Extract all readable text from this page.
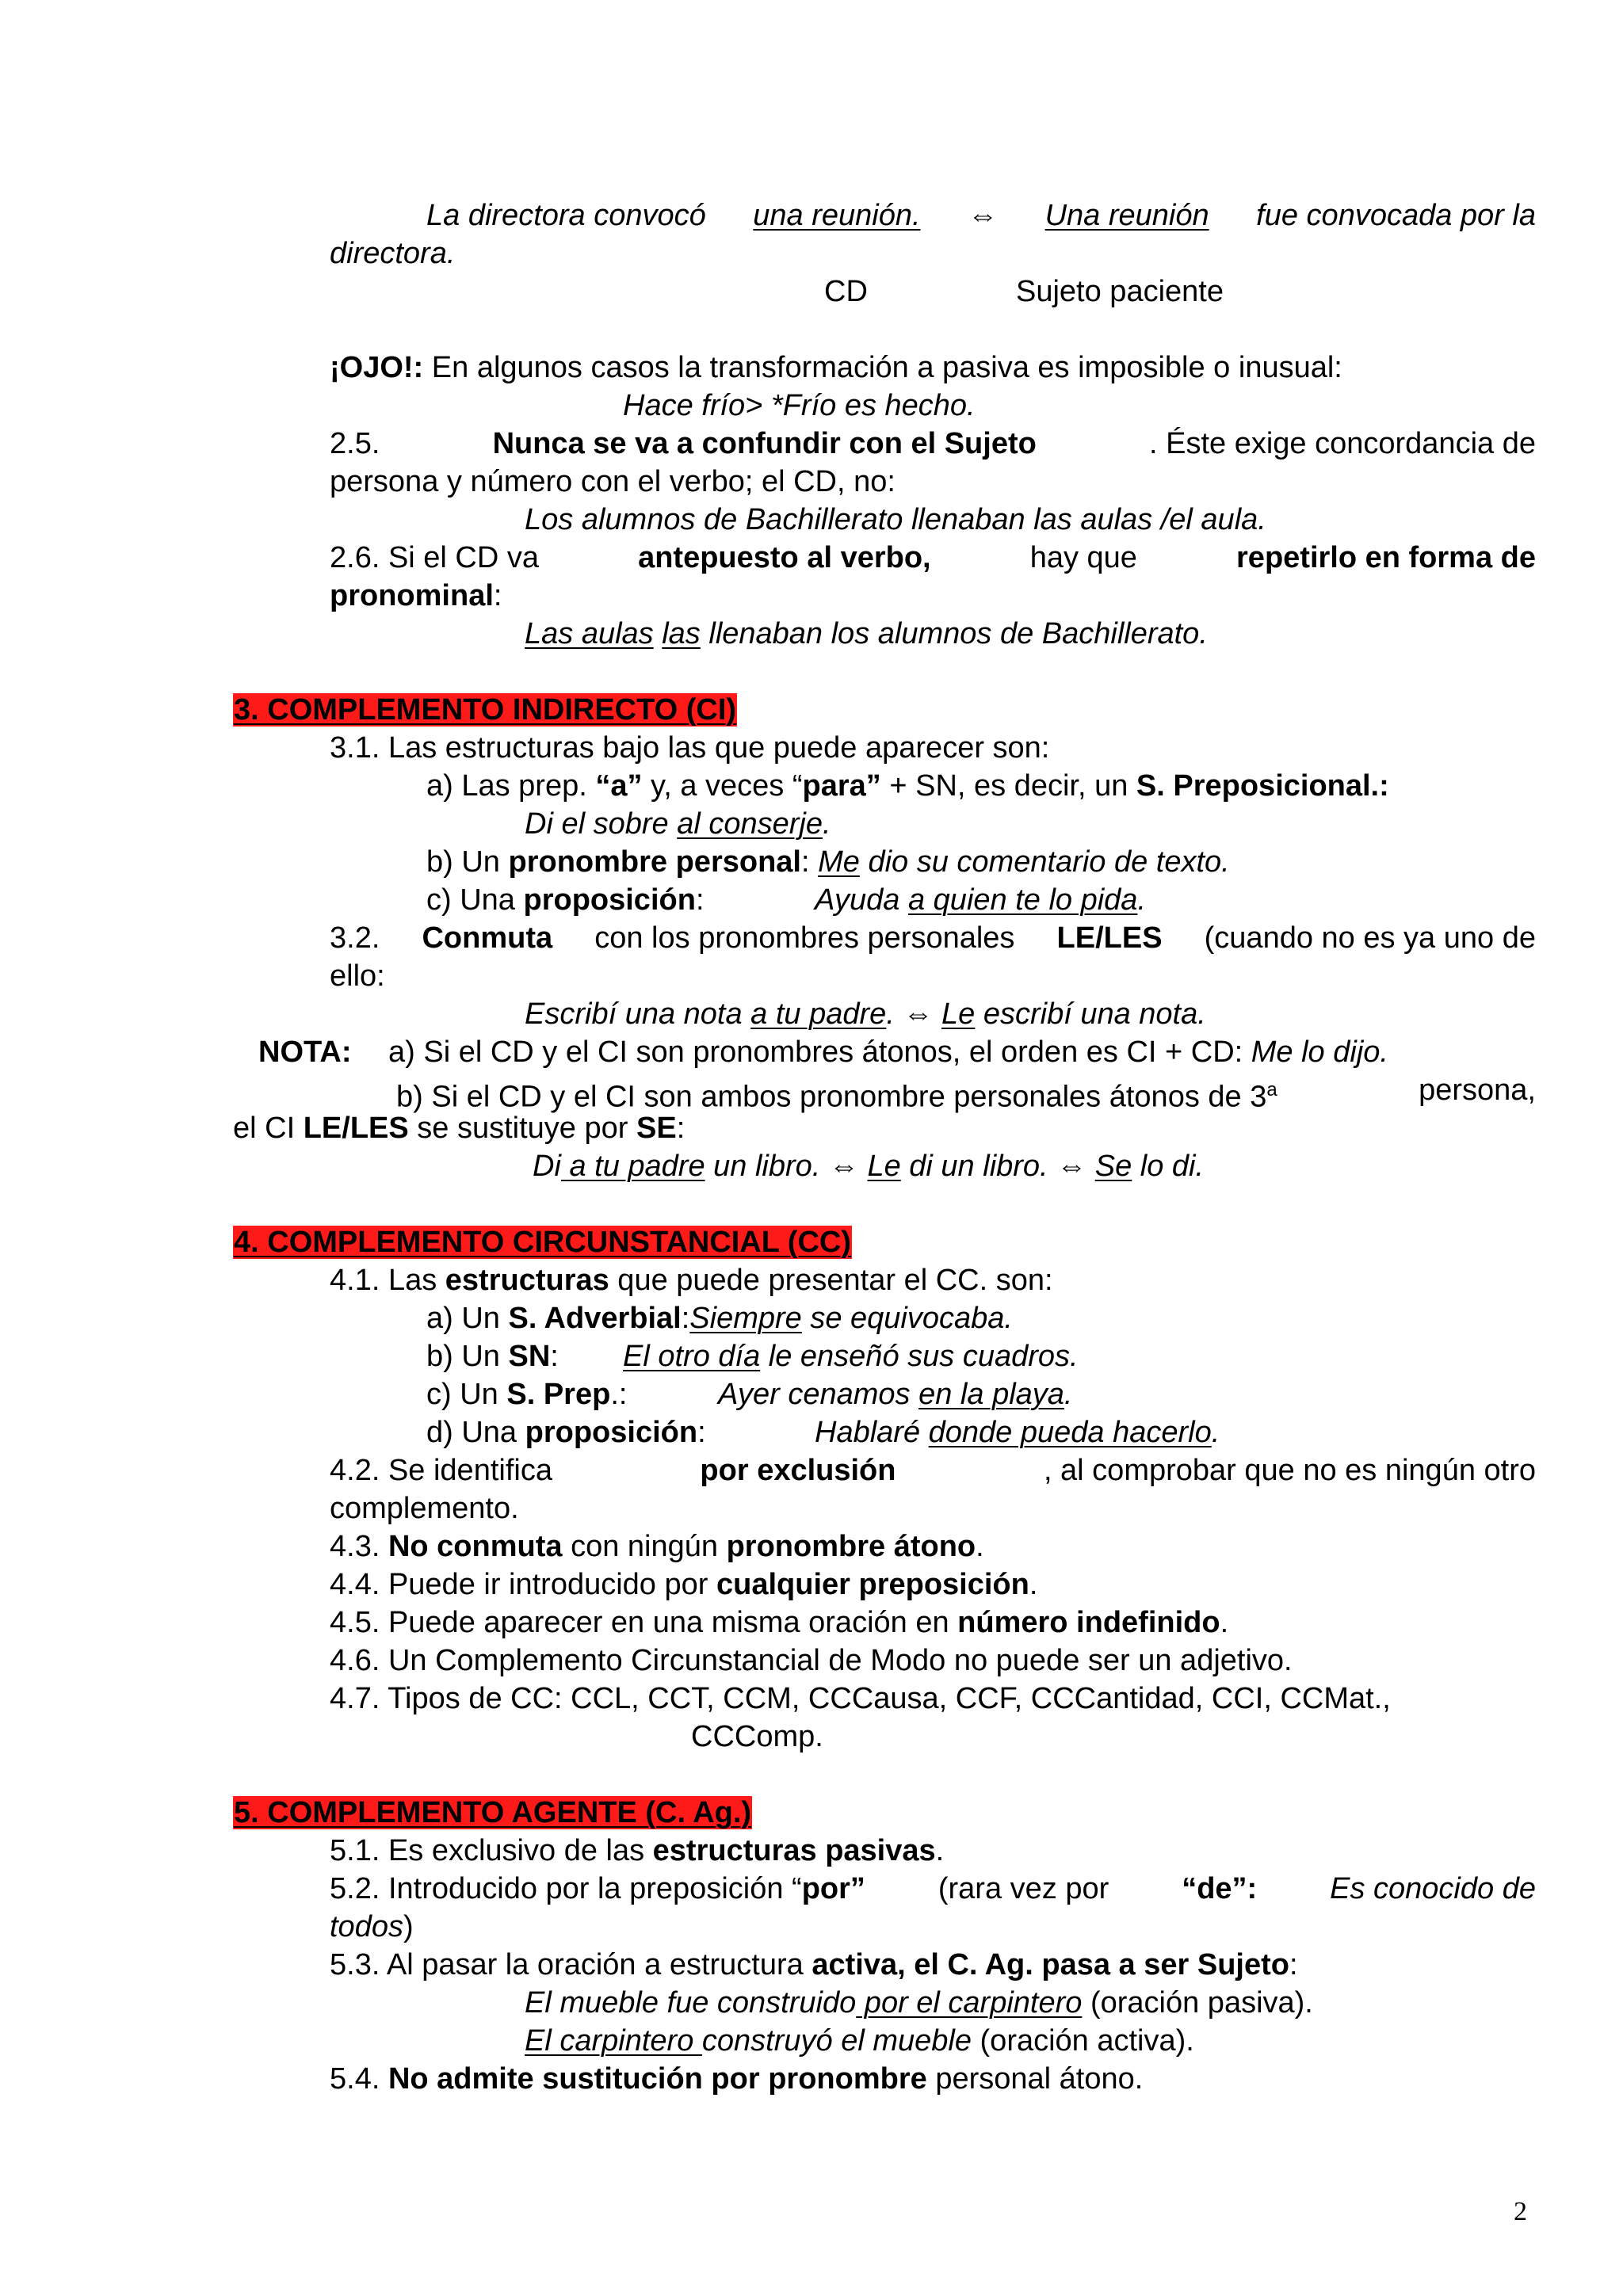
La directora convocó una reunión. ⇔ Una reunión fue convocada por la
directora.
CD	Sujeto paciente
¡OJO!: En algunos casos la transformación a pasiva es imposible o inusual:
Hace frío> *Frío es hecho.
2.5.	Nunca se va a confundir con el Sujeto	. Éste exige concordancia de
persona y número con el verbo; el CD, no:
Los alumnos de Bachillerato llenaban las aulas /el aula.
2.6. Si el CD va	antepuesto al verbo,	hay que	repetirlo en forma de
pronominal:
Las aulas las llenaban los alumnos de Bachillerato.
3. COMPLEMENTO INDIRECTO (CI)
3.1. Las estructuras bajo las que puede aparecer son:
a) Las prep. “a” y, a veces “para” + SN, es decir, un S. Preposicional.:
Di el sobre al conserje.
b) Un pronombre personal: Me dio su comentario de texto.
c) Una proposición:	Ayuda a quien te lo pida.
3.2. Conmuta con los pronombres personales LE/LES (cuando no es ya uno de
ello:
Escribí una nota a tu padre. ⇔ Le escribí una nota.
NOTA: a) Si el CD y el CI son pronombres átonos, el orden es CI + CD: Me lo dijo.
b) Si el CD y el CI son ambos pronombre personales átonos de 3$^a$	persona,
el CI LE/LES se sustituye por SE:
Di a tu padre un libro. ⇔ Le di un libro. ⇔ Se lo di.
4. COMPLEMENTO CIRCUNSTANCIAL (CC)
4.1. Las estructuras que puede presentar el CC. son:
a) Un S. Adverbial:Siempre se equivocaba.
b) Un SN: El otro día le enseñó sus cuadros.
c) Un S. Prep.:	Ayer cenamos en la playa.
d) Una proposición:	Hablaré donde pueda hacerlo.
4.2. Se identifica	por exclusión	, al comprobar que no es ningún otro
complemento.
4.3. No conmuta con ningún pronombre átono.
4.4. Puede ir introducido por cualquier preposición.
4.5. Puede aparecer en una misma oración en número indefinido.
4.6. Un Complemento Circunstancial de Modo no puede ser un adjetivo.
4.7. Tipos de CC: CCL, CCT, CCM, CCCausa, CCF, CCCantidad, CCI, CCMat.,
CCComp.
5. COMPLEMENTO AGENTE (C. Ag.)
5.1. Es exclusivo de las estructuras pasivas.
5.2. Introducido por la preposición “por” (rara vez por “de”: Es conocido de
todos)
5.3. Al pasar la oración a estructura activa, el C. Ag. pasa a ser Sujeto:
El mueble fue construido por el carpintero (oración pasiva).
El carpintero construyó el mueble (oración activa).
5.4. No admite sustitución por pronombre personal átono.
2
